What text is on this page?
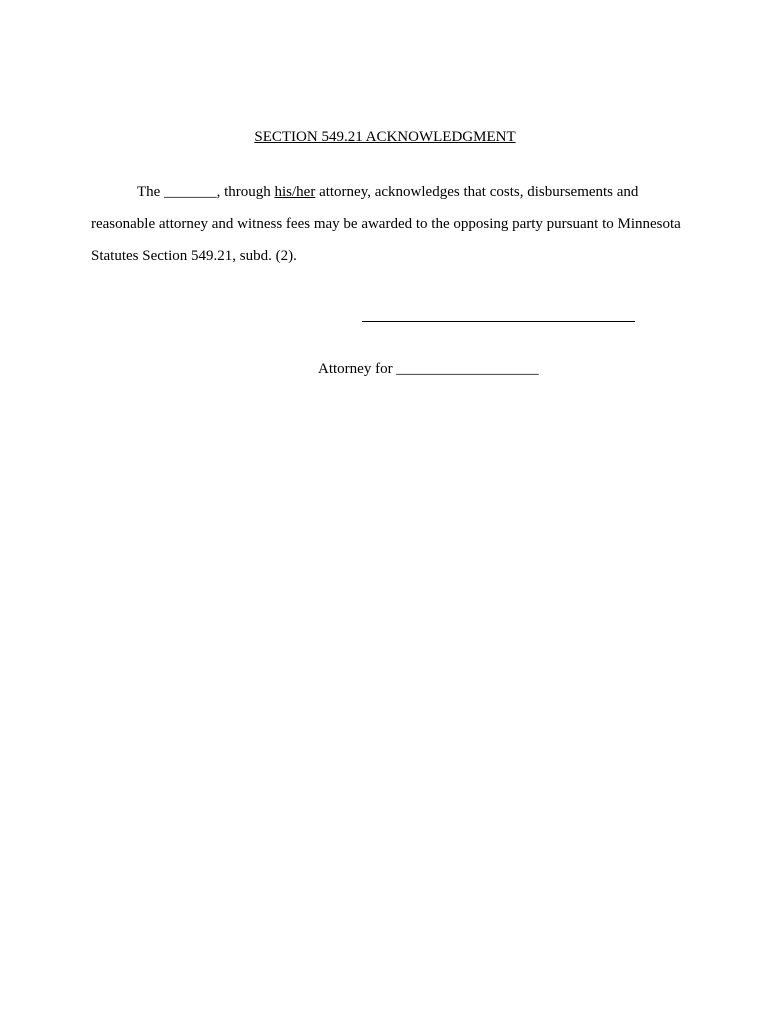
SECTION 549.21 ACKNOWLEDGMENT

The _______, through his/her attorney, acknowledges that costs, disbursements and
reasonable attorney and witness fees may be awarded to the opposing party pursuant to Minnesota
Statutes Section 549.21, subd. (2).

Attorney for ___________________
